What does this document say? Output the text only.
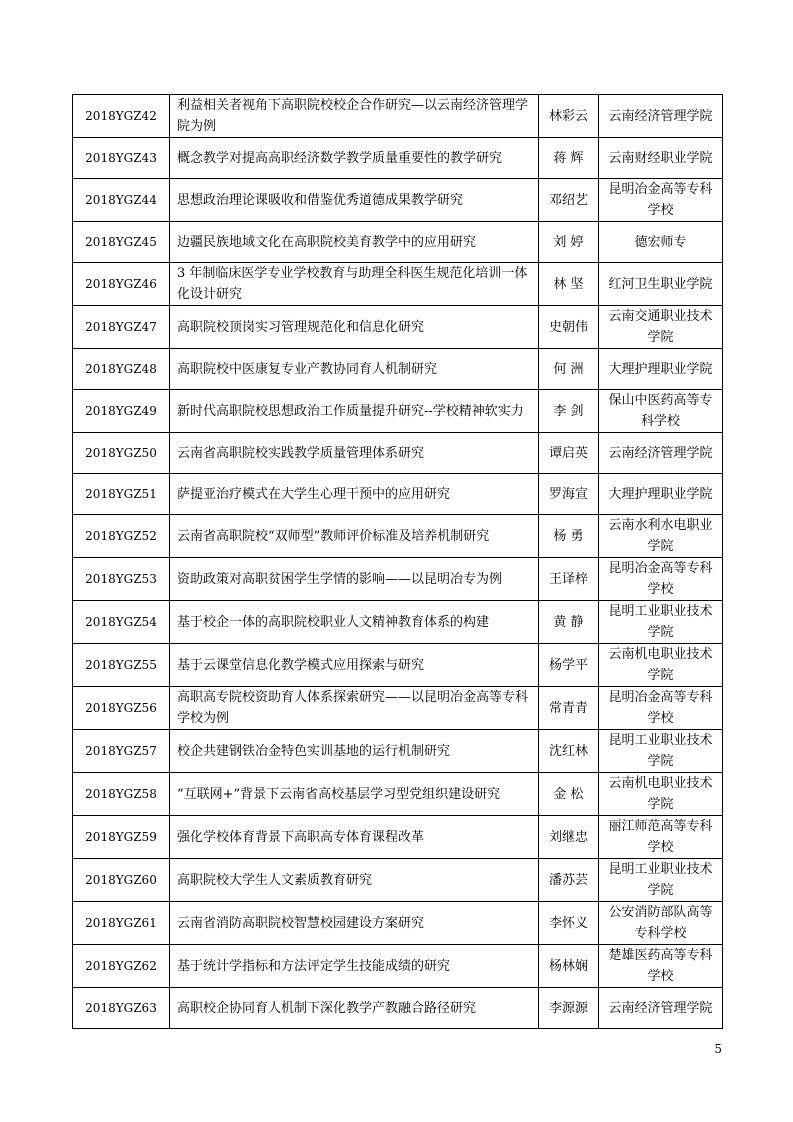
2018YGZ42	利益相关者视角下高职院校校企合作研究—以云南经济管理学院为例	林彩云	云南经济管理学院
2018YGZ43	概念教学对提高高职经济数学教学质量重要性的教学研究	蒋 辉	云南财经职业学院
2018YGZ44	思想政治理论课吸收和借鉴优秀道德成果教学研究	邓绍艺	昆明冶金高等专科学校
2018YGZ45	边疆民族地域文化在高职院校美育教学中的应用研究	刘 婷	德宏师专
2018YGZ46	3 年制临床医学专业学校教育与助理全科医生规范化培训一体化设计研究	林 坚	红河卫生职业学院
2018YGZ47	高职院校顶岗实习管理规范化和信息化研究	史朝伟	云南交通职业技术学院
2018YGZ48	高职院校中医康复专业产教协同育人机制研究	何 洲	大理护理职业学院
2018YGZ49	新时代高职院校思想政治工作质量提升研究--学校精神软实力	李 剑	保山中医药高等专科学校
2018YGZ50	云南省高职院校实践教学质量管理体系研究	谭启英	云南经济管理学院
2018YGZ51	萨提亚治疗模式在大学生心理干预中的应用研究	罗海宣	大理护理职业学院
2018YGZ52	云南省高职院校“双师型”教师评价标准及培养机制研究	杨 勇	云南水利水电职业学院
2018YGZ53	资助政策对高职贫困学生学情的影响——以昆明冶专为例	王译梓	昆明冶金高等专科学校
2018YGZ54	基于校企一体的高职院校职业人文精神教育体系的构建	黄 静	昆明工业职业技术学院
2018YGZ55	基于云课堂信息化教学模式应用探索与研究	杨学平	云南机电职业技术学院
2018YGZ56	高职高专院校资助育人体系探索研究——以昆明冶金高等专科学校为例	常青青	昆明冶金高等专科学校
2018YGZ57	校企共建钢铁冶金特色实训基地的运行机制研究	沈红林	昆明工业职业技术学院
2018YGZ58	“互联网+”背景下云南省高校基层学习型党组织建设研究	金 松	云南机电职业技术学院
2018YGZ59	强化学校体育背景下高职高专体育课程改革	刘继忠	丽江师范高等专科学校
2018YGZ60	高职院校大学生人文素质教育研究	潘苏芸	昆明工业职业技术学院
2018YGZ61	云南省消防高职院校智慧校园建设方案研究	李怀义	公安消防部队高等专科学校
2018YGZ62	基于统计学指标和方法评定学生技能成绩的研究	杨林娴	楚雄医药高等专科学校
2018YGZ63	高职校企协同育人机制下深化教学产教融合路径研究	李源源	云南经济管理学院
5
